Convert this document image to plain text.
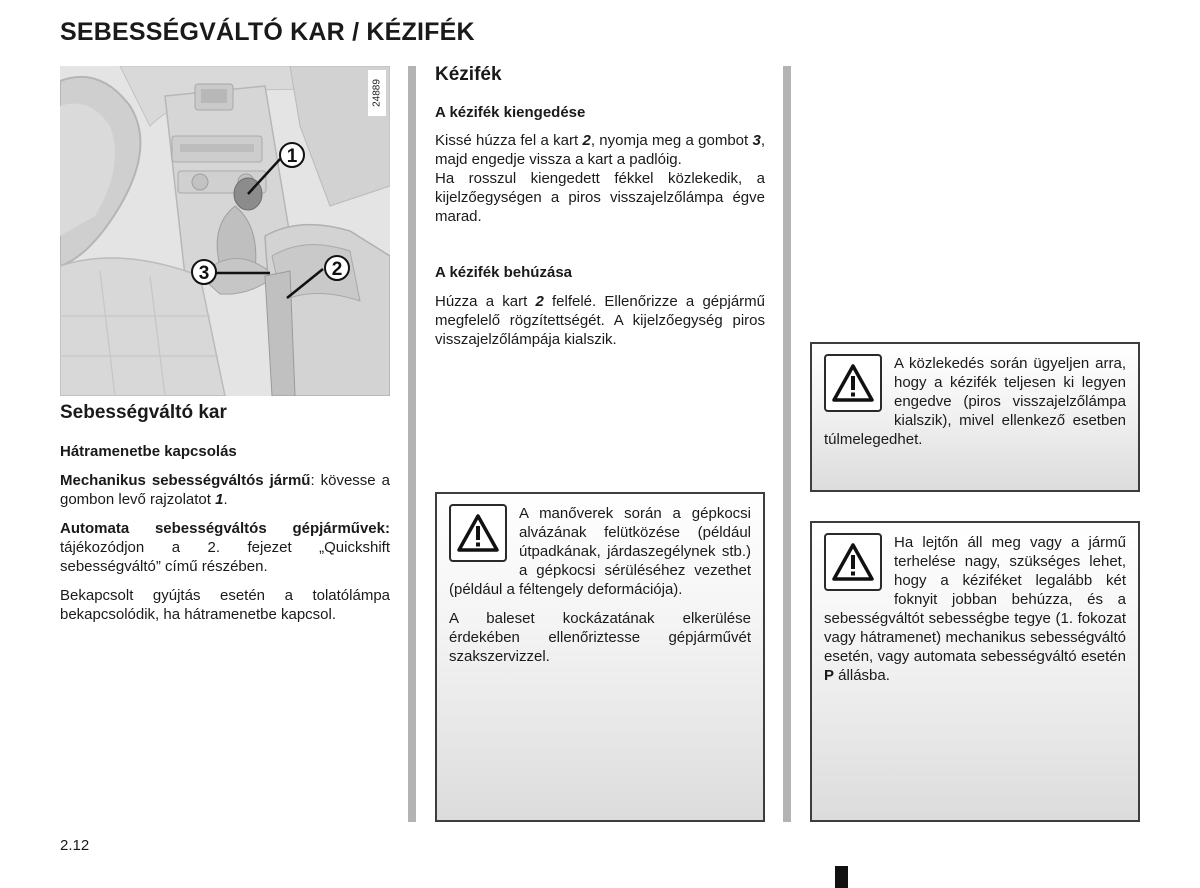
SEBESSÉGVÁLTÓ KAR / KÉZIFÉK
1
2
3
24889
Sebességváltó kar
Hátramenetbe kapcsolás

Mechanikus sebességváltós jármű: kövesse a gombon levő rajzolatot 1.

Automata sebességváltós gépjárművek: tájékozódjon a 2. fejezet „Quickshift sebességváltó” című részében.

Bekapcsolt gyújtás esetén a tolatólámpa bekapcsolódik, ha hátramenetbe kapcsol.

Kézifék
A kézifék kiengedése

Kissé húzza fel a kart 2, nyomja meg a gombot 3, majd engedje vissza a kart a padlóig.

Ha rosszul kiengedett fékkel közlekedik, a kijelzőegységen a piros visszajelzőlámpa égve marad.

A kézifék behúzása

Húzza a kart 2 felfelé. Ellenőrizze a gépjármű megfelelő rögzítettségét. A kijelzőegység piros visszajelzőlámpája kialszik.

A manőverek során a gépkocsi alvázának felütközése (például útpadkának, járdaszegélynek stb.) a gépkocsi sérüléséhez vezethet (például a féltengely deformációja).

A baleset kockázatának elkerülése érdekében ellenőriztesse gépjárművét szakszervizzel.

A közlekedés során ügyeljen arra, hogy a kézifék teljesen ki legyen engedve (piros visszajelzőlámpa kialszik), mivel ellenkező esetben túlmelegedhet.
Ha lejtőn áll meg vagy a jármű terhelése nagy, szükséges lehet, hogy a kéziféket legalább két foknyit jobban behúzza, és a sebességváltót sebességbe tegye (1. fokozat vagy hátramenet) mechanikus sebességváltó esetén, vagy automata sebességváltó esetén P állásba.
2.12
